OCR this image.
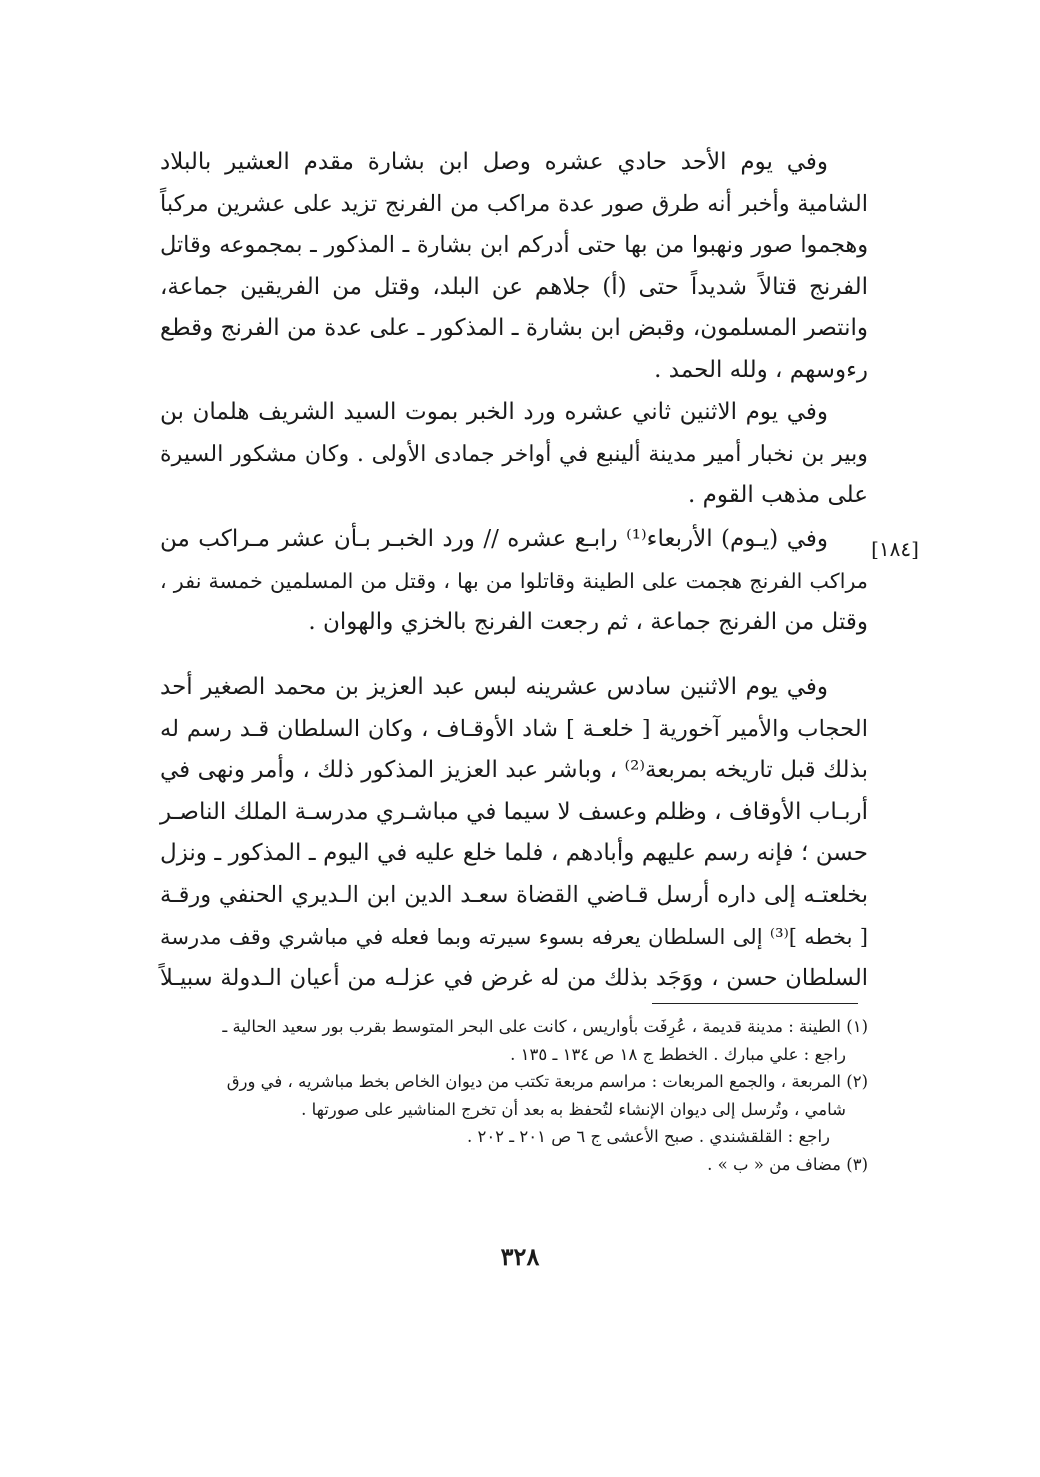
[١٨٤]

وفي يوم الأحد حادي عشره وصل ابن بشارة مقدم العشير بالبلاد
الشامية وأخبر أنه طرق صور عدة مراكب من الفرنج تزيد على عشرين مركباً
وهجموا صور ونهبوا من بها حتى أدركم ابن بشارة ـ المذكور ـ بمجموعه وقاتل
الفرنج قتالاً شديداً حتى (أ) جلاهم عن البلد، وقتل من الفريقين جماعة،
وانتصر المسلمون، وقبض ابن بشارة ـ المذكور ـ على عدة من الفرنج وقطع
رءوسهم ، ولله الحمد .

وفي يوم الاثنين ثاني عشره ورد الخبر بموت السيد الشريف هلمان بن
وبير بن نخبار أمير مدينة ألينبع في أواخر جمادى الأولى . وكان مشكور السيرة
على مذهب القوم .

وفي (يـوم) الأربعاء⁽¹⁾ رابـع عشره // ورد الخبـر بـأن عشر مـراكب من
مراكب الفرنج هجمت على الطينة وقاتلوا من بها ، وقتل من المسلمين خمسة نفر ،
وقتل من الفرنج جماعة ، ثم رجعت الفرنج بالخزي والهوان .

وفي يوم الاثنين سادس عشرينه لبس عبد العزيز بن محمد الصغير أحد
الحجاب والأمير آخورية [ خلعـة ] شاد الأوقـاف ، وكان السلطان قـد رسم له
بذلك قبل تاريخه بمربعة⁽²⁾ ، وباشر عبد العزيز المذكور ذلك ، وأمر ونهى في
أربـاب الأوقاف ، وظلم وعسف لا سيما في مباشـري مدرسـة الملك الناصـر
حسن ؛ فإنه رسم عليهم وأبادهم ، فلما خلع عليه في اليوم ـ المذكور ـ ونزل
بخلعتـه إلى داره أرسل قـاضي القضاة سعـد الدين ابن الـديري الحنفي ورقـة
[ بخطه ]⁽³⁾ إلى السلطان يعرفه بسوء سيرته وبما فعله في مباشري وقف مدرسة
السلطان حسن ، ووَجَد بذلك من له غرض في عزلـه من أعيان الـدولة سبيـلاً

(١) الطينة : مدينة قديمة ، عُرِفَت بأواريس ، كانت على البحر المتوسط بقرب بور سعيد الحالية ـ
راجع : علي مبارك . الخطط ج ١٨ ص ١٣٤ ـ ١٣٥ .
(٢) المربعة ، والجمع المربعات : مراسم مربعة تكتب من ديوان الخاص بخط مباشريه ، في ورق
شامي ، وتُرسل إلى ديوان الإنشاء لتُحفظ به بعد أن تخرج المناشير على صورتها .
راجع : القلقشندي . صبح الأعشى ج ٦ ص ٢٠١ ـ ٢٠٢ .
(٣) مضاف من « ب » .
٣٢٨
